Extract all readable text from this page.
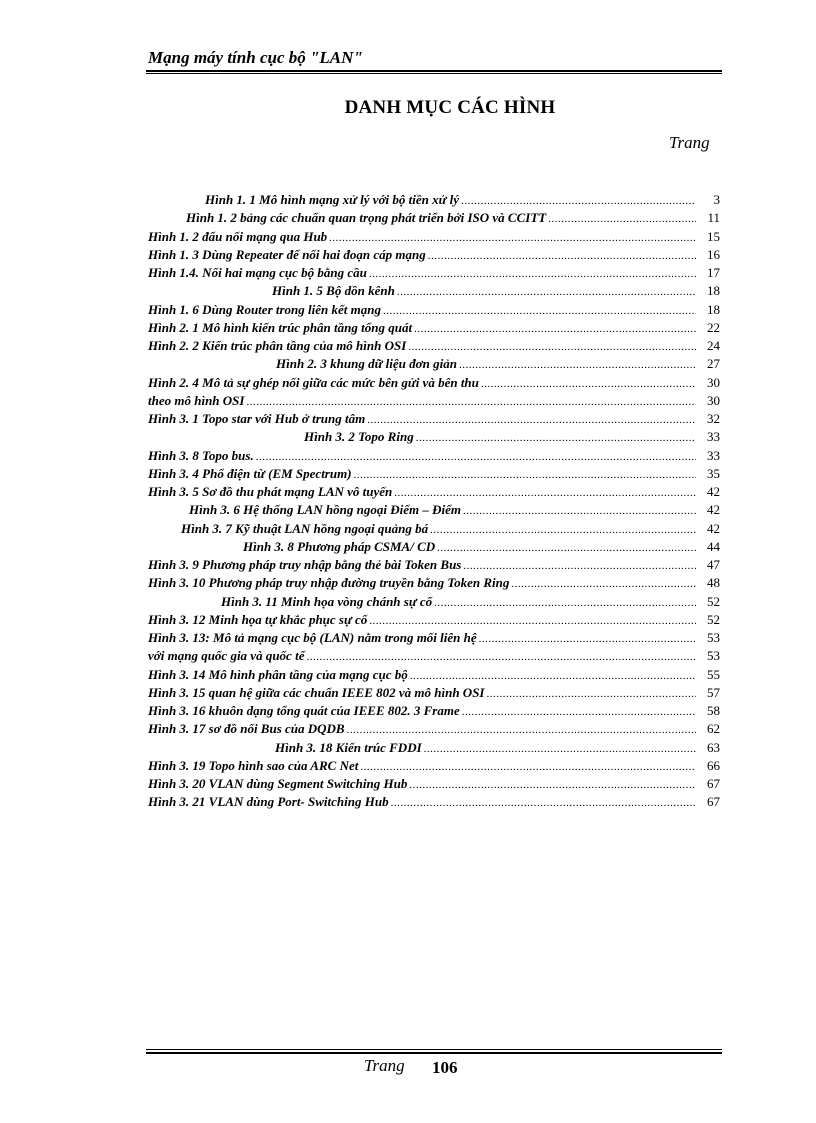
Mạng máy tính cục bộ "LAN"
DANH MỤC CÁC HÌNH
Trang
Hình 1. 1 Mô hình mạng xử lý với bộ tiền xử lý .....	3
Hình 1. 2 bảng các chuẩn quan trọng phát triển bởi ISO và CCITT .....	11
Hình 1. 2 đấu nối mạng qua Hub .....	15
Hình 1. 3 Dùng Repeater để nối hai đoạn cáp mạng .....	16
Hình 1.4. Nối hai mạng cục bộ bằng cầu .....	17
Hình 1. 5 Bộ dồn kênh .....	18
Hình 1. 6 Dùng Router trong liên kết mạng .....	18
Hình 2. 1 Mô hình kiến trúc phân tầng tổng quát .....	22
Hình 2. 2 Kiến trúc phân tầng của mô hình OSI .....	24
Hình 2. 3 khung dữ liệu đơn giản .....	27
Hình 2. 4 Mô tả sự ghép nối giữa các mức bên gửi và bên thu .....	30
theo mô hình OSI .....	30
Hình 3. 1 Topo star với Hub ở trung tâm .....	32
Hình 3. 2 Topo Ring .....	33
Hình 3. 8 Topo bus. .....	33
Hình 3. 4 Phổ điện từ (EM Spectrum) .....	35
Hình 3. 5 Sơ đồ thu phát mạng LAN vô tuyến .....	42
Hình 3. 6 Hệ thống LAN hồng ngoại Điểm – Điểm .....	42
Hình 3. 7 Kỹ thuật LAN hồng ngoại quảng bá .....	42
Hình 3. 8 Phương pháp CSMA/ CD .....	44
Hình 3. 9 Phương pháp truy nhập bằng thẻ bài Token Bus .....	47
Hình 3. 10 Phương pháp truy nhập đường truyền bằng Token Ring .....	48
Hình 3. 11 Minh họa vòng chánh sự cố .....	52
Hình 3. 12 Minh họa tự khắc phục sự cố .....	52
Hình 3. 13: Mô tả mạng cục bộ (LAN) nằm trong mối liên hệ .....	53
với mạng quốc gia và quốc tế .....	53
Hình 3. 14 Mô hình phân tầng của mạng cục bộ .....	55
Hình 3. 15 quan hệ giữa các chuẩn IEEE 802 và mô hình OSI .....	57
Hình 3. 16 khuôn dạng tổng quát của IEEE 802. 3 Frame .....	58
Hình 3. 17 sơ đồ nối Bus của DQDB .....	62
Hình 3. 18 Kiến trúc FDDI .....	63
Hình 3. 19 Topo hình sao của ARC Net .....	66
Hình 3. 20 VLAN dùng Segment Switching Hub .....	67
Hình 3. 21 VLAN dùng Port- Switching Hub .....	67
Trang 106
